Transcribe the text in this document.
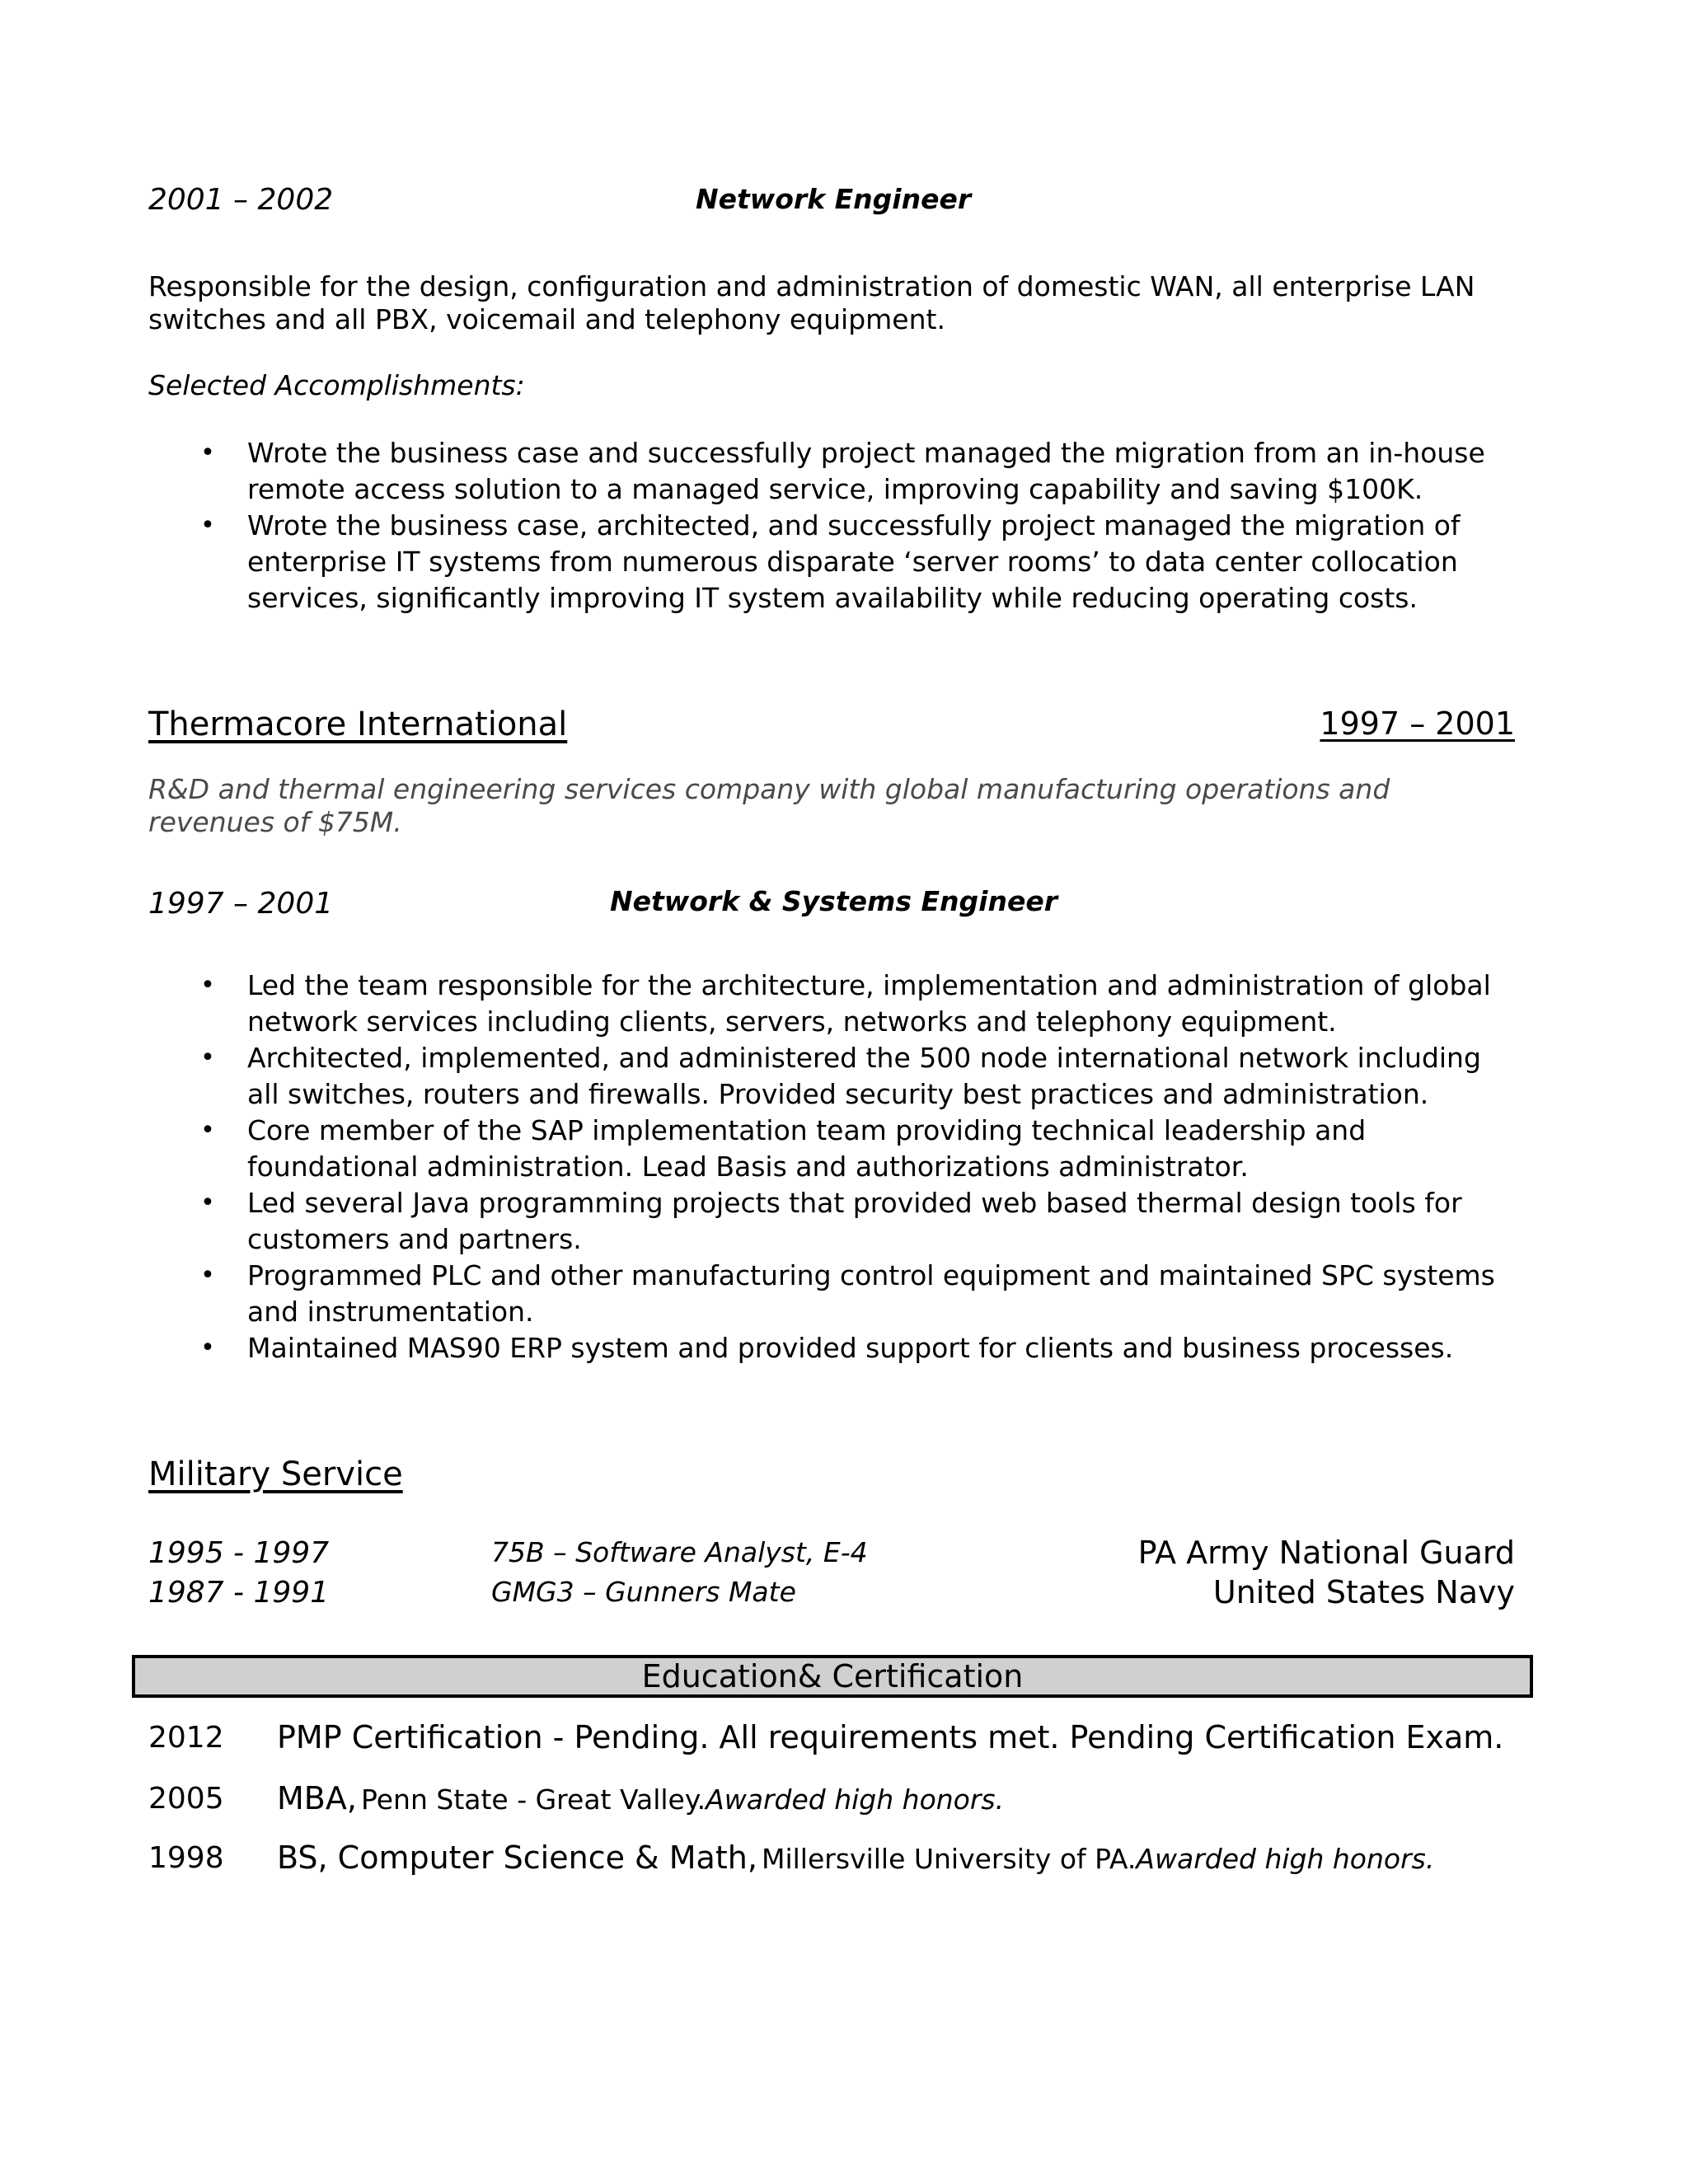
2001 – 2002	Network Engineer
Responsible for the design, configuration and administration of domestic WAN, all enterprise LAN
switches and all PBX, voicemail and telephony equipment.
Selected Accomplishments:
•	Wrote the business case and successfully project managed the migration from an in-house
remote access solution to a managed service, improving capability and saving $100K.
•	Wrote the business case, architected, and successfully project managed the migration of
enterprise IT systems from numerous disparate ‘server rooms’ to data center collocation
services, significantly improving IT system availability while reducing operating costs.
Thermacore International	1997 – 2001
R&D and thermal engineering services company with global manufacturing operations and
revenues of $75M.
1997 – 2001	Network & Systems Engineer
•	Led the team responsible for the architecture, implementation and administration of global
network services including clients, servers, networks and telephony equipment.
•	Architected, implemented, and administered the 500 node international network including
all switches, routers and firewalls. Provided security best practices and administration.
•	Core member of the SAP implementation team providing technical leadership and
foundational administration. Lead Basis and authorizations administrator.
•	Led several Java programming projects that provided web based thermal design tools for
customers and partners.
•	Programmed PLC and other manufacturing control equipment and maintained SPC systems
and instrumentation.
•	Maintained MAS90 ERP system and provided support for clients and business processes.
Military Service
1995 - 1997	75B – Software Analyst, E-4	PA Army National Guard
1987 - 1991	GMG3 – Gunners Mate	United States Navy
Education& Certification
2012 PMP Certification - Pending. All requirements met. Pending Certification Exam.
2005 MBA, Penn State - Great Valley.Awarded high honors.
1998 BS, Computer Science & Math, Millersville University of PA.Awarded high honors.
